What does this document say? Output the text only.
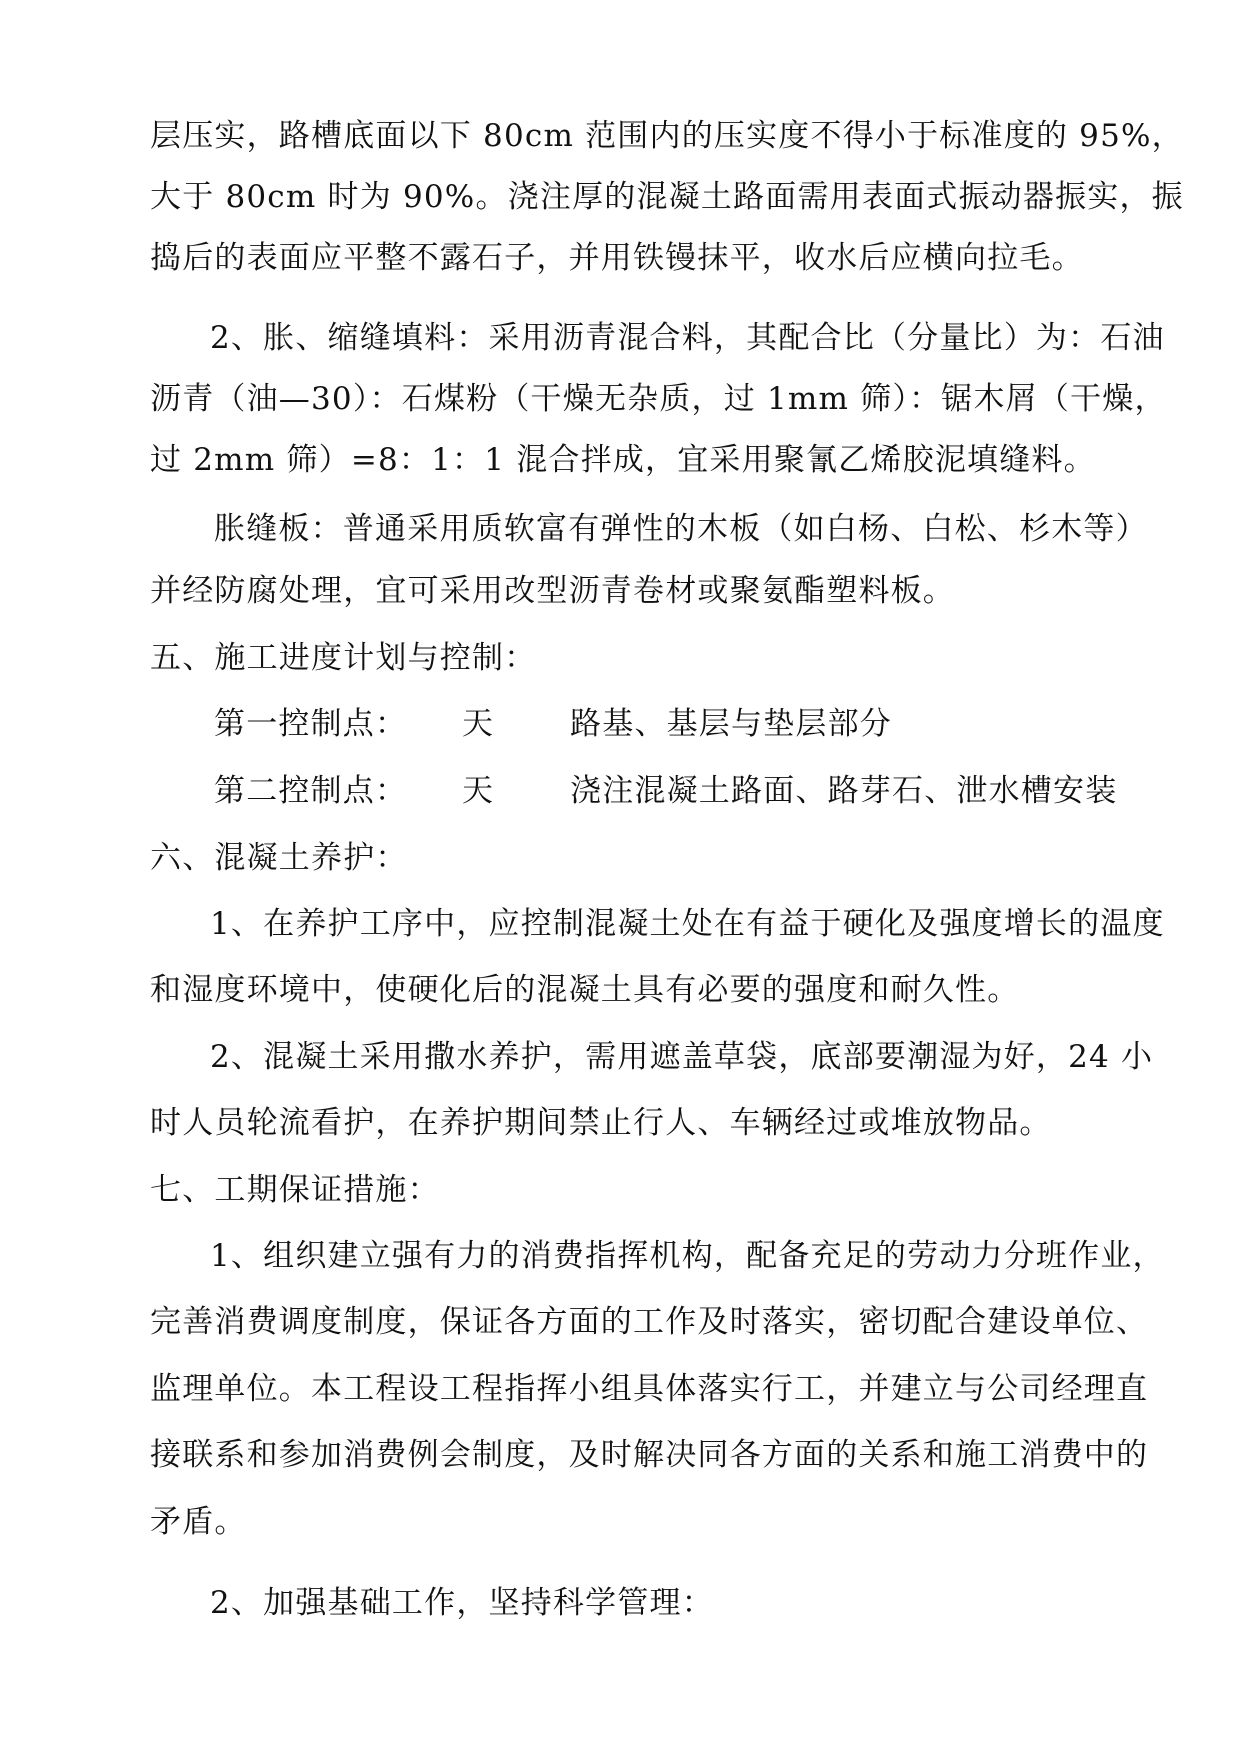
层压实，路槽底面以下 80cm 范围内的压实度不得小于标准度的 95%，
大于 80cm 时为 90%。浇注厚的混凝土路面需用表面式振动器振实，振
捣后的表面应平整不露石子，并用铁镘抹平，收水后应横向拉毛。
2、胀、缩缝填料：采用沥青混合料，其配合比（分量比）为：石油
沥青（油—30）：石煤粉（干燥无杂质，过 1mm 筛）：锯木屑（干燥，
过 2mm 筛）=8：1：1 混合拌成，宜采用聚氰乙烯胶泥填缝料。
胀缝板：普通采用质软富有弹性的木板（如白杨、白松、杉木等）
并经防腐处理，宜可采用改型沥青卷材或聚氨酯塑料板。
五、施工进度计划与控制：
第一控制点： 天 路基、基层与垫层部分
第二控制点： 天 浇注混凝土路面、路芽石、泄水槽安装
六、混凝土养护：
1、在养护工序中，应控制混凝土处在有益于硬化及强度增长的温度
和湿度环境中，使硬化后的混凝土具有必要的强度和耐久性。
2、混凝土采用撒水养护，需用遮盖草袋，底部要潮湿为好，24 小
时人员轮流看护，在养护期间禁止行人、车辆经过或堆放物品。
七、工期保证措施：
1、组织建立强有力的消费指挥机构，配备充足的劳动力分班作业，
完善消费调度制度，保证各方面的工作及时落实，密切配合建设单位、
监理单位。本工程设工程指挥小组具体落实行工，并建立与公司经理直
接联系和参加消费例会制度，及时解决同各方面的关系和施工消费中的
矛盾。
2、加强基础工作，坚持科学管理：
